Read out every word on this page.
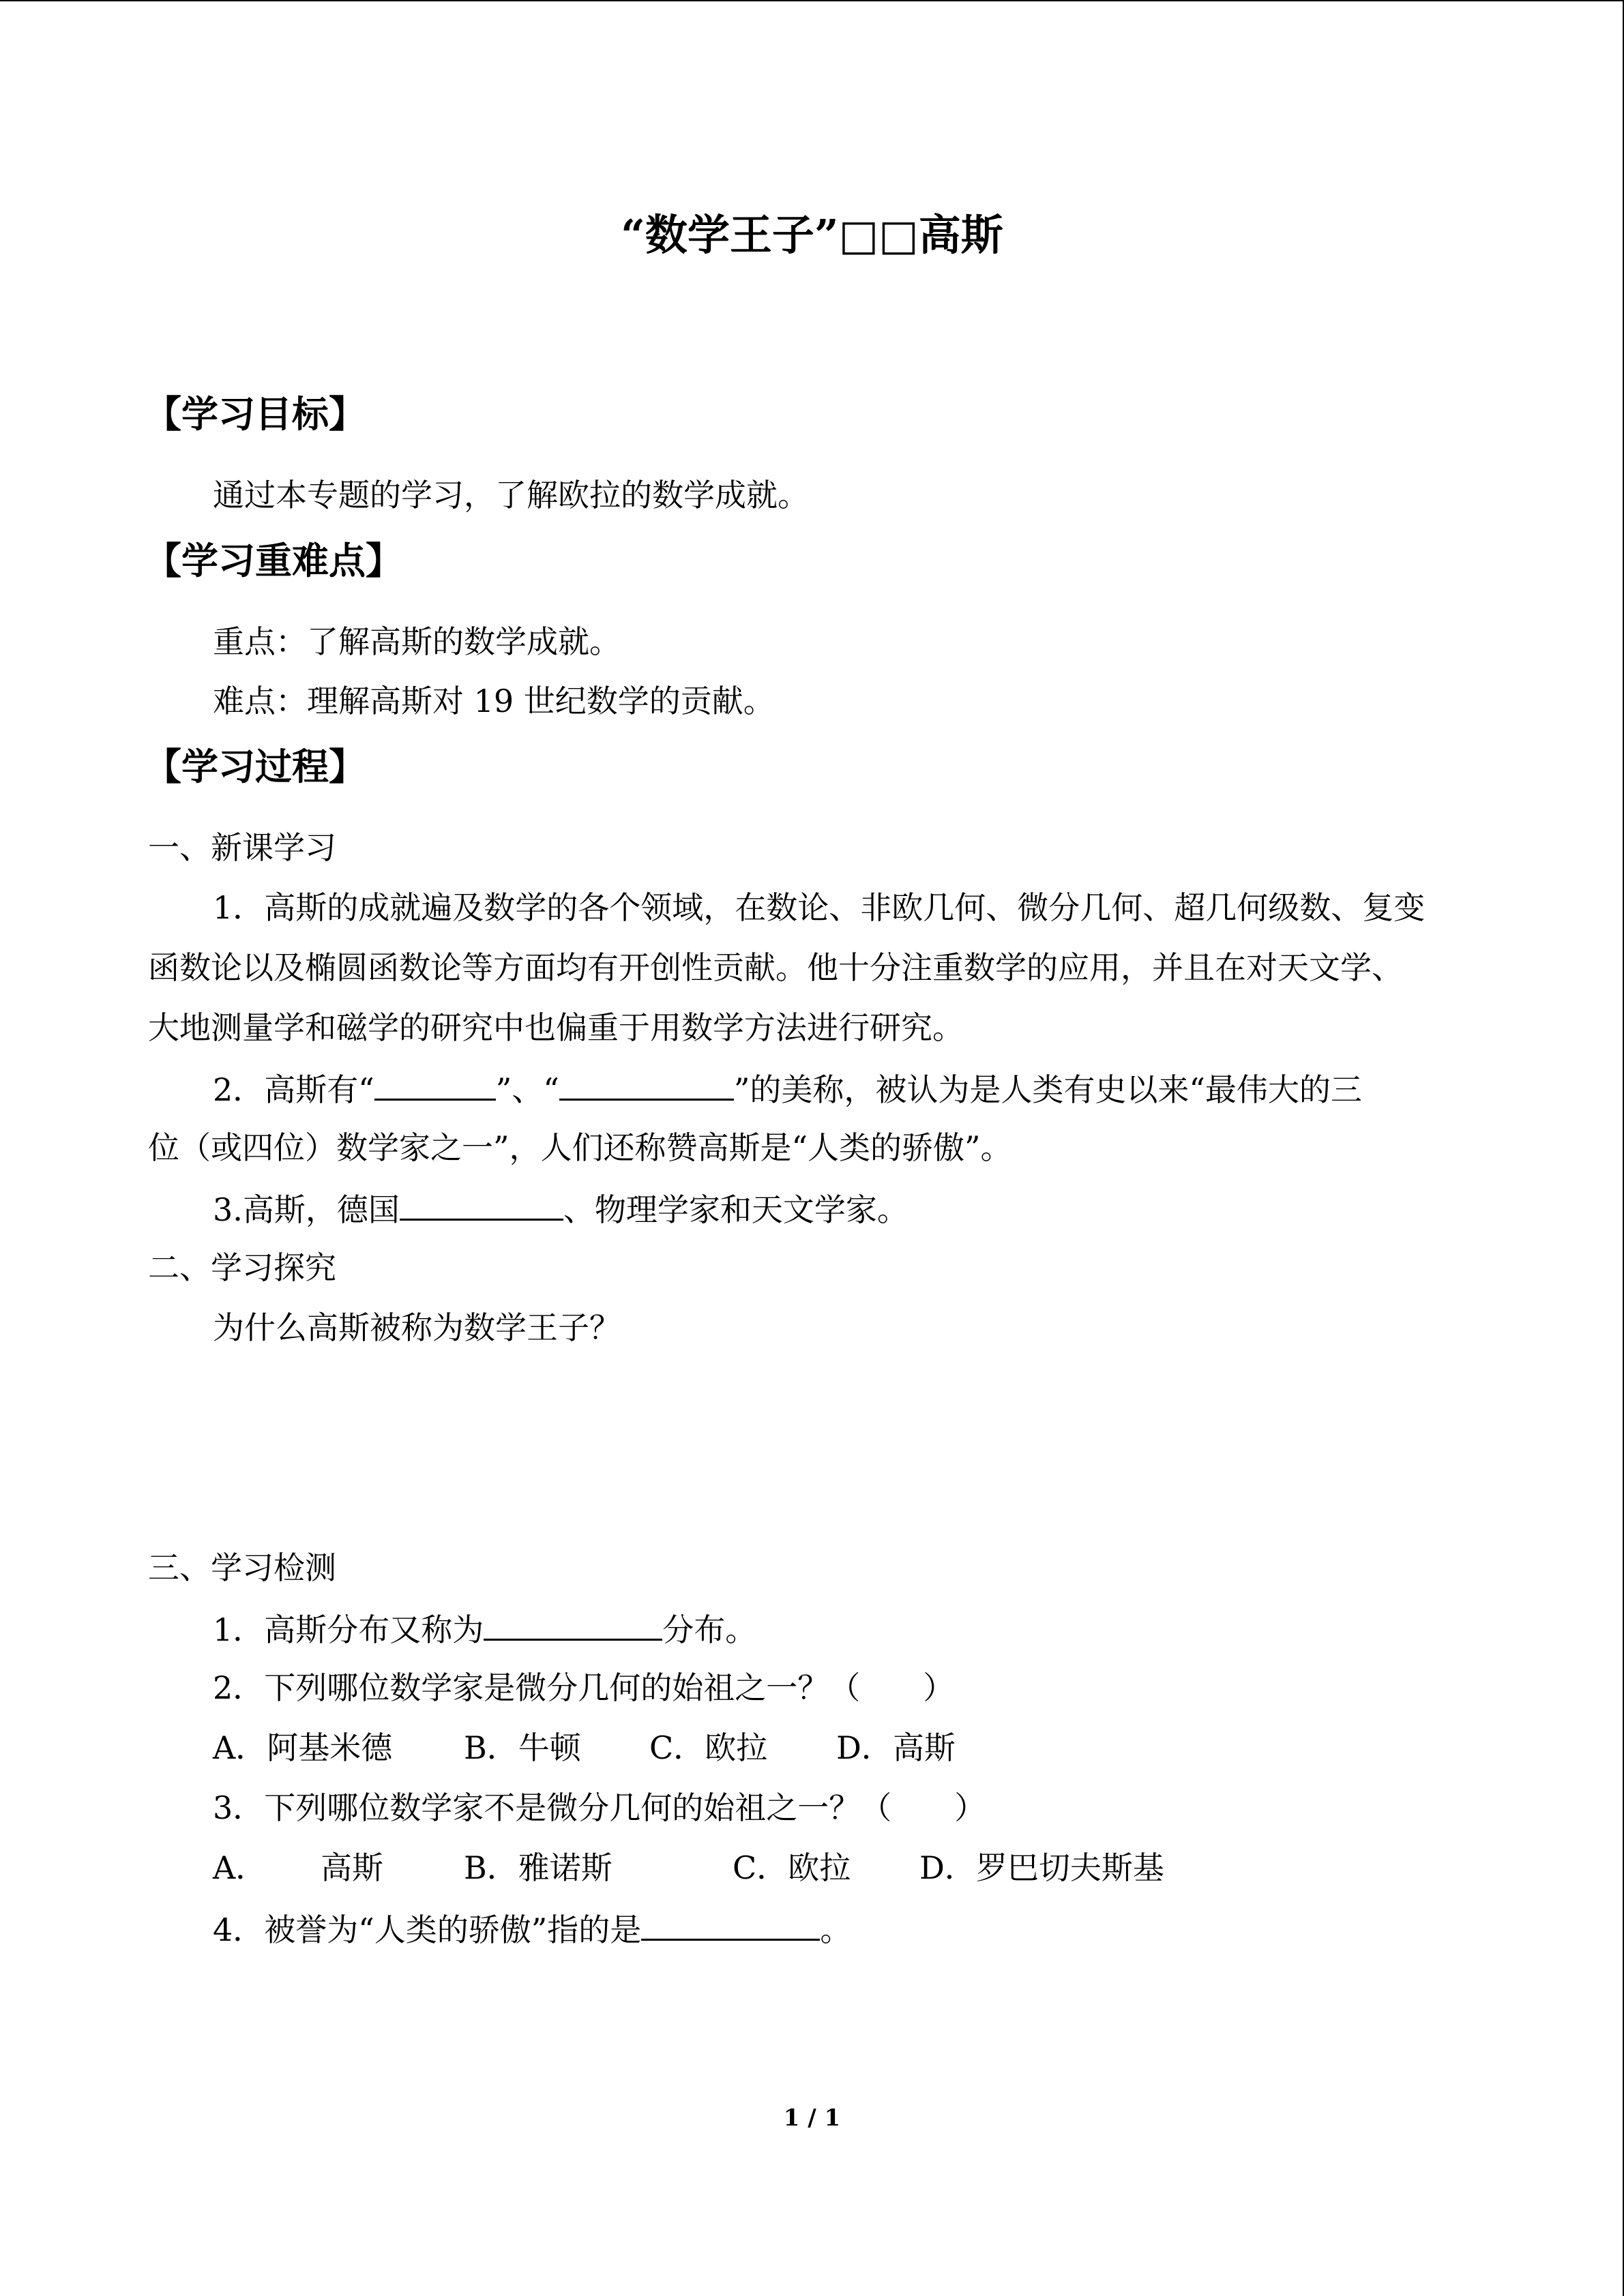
“数学王子”□□高斯
【学习目标】
通过本专题的学习，了解欧拉的数学成就。
【学习重难点】
重点：了解高斯的数学成就。
难点：理解高斯对 19 世纪数学的贡献。
【学习过程】
一、新课学习
1．高斯的成就遍及数学的各个领域，在数论、非欧几何、微分几何、超几何级数、复变
函数论以及椭圆函数论等方面均有开创性贡献。他十分注重数学的应用，并且在对天文学、
大地测量学和磁学的研究中也偏重于用数学方法进行研究。
2．高斯有“	”、“	”的美称，被认为是人类有史以来“最伟大的三
位（或四位）数学家之一”，人们还称赞高斯是“人类的骄傲”。
3.高斯，德国	、物理学家和天文学家。
二、学习探究
为什么高斯被称为数学王子？
三、学习检测
1．高斯分布又称为	分布。
2．下列哪位数学家是微分几何的始祖之一？（　　）
A．阿基米德 B．牛顿 C．欧拉 D．高斯
3．下列哪位数学家不是微分几何的始祖之一？（　　）
A． 高斯	B．雅诺斯	C．欧拉 D．罗巴切夫斯基
4．被誉为“人类的骄傲”指的是	。
1 / 1
